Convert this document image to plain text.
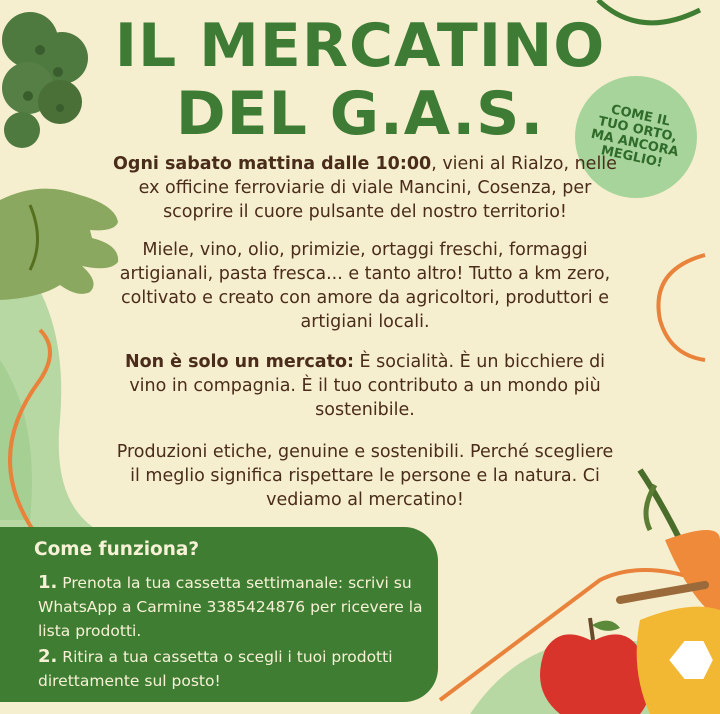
IL MERCATINO
DEL G.A.S.	COME IL
TUO ORTO,
MA ANCORA
MEGLIO!
Ogni sabato mattina dalle 10:00, vieni al Rialzo, nelle ex officine ferroviarie di viale Mancini, Cosenza, per scoprire il cuore pulsante del nostro territorio!
Miele, vino, olio, primizie, ortaggi freschi, formaggi artigianali, pasta fresca... e tanto altro! Tutto a km zero, coltivato e creato con amore da agricoltori, produttori e artigiani locali.
Non è solo un mercato: È socialità. È un bicchiere di vino in compagnia. È il tuo contributo a un mondo più sostenibile.
Produzioni etiche, genuine e sostenibili. Perché scegliere il meglio significa rispettare le persone e la natura. Ci vediamo al mercatino!
Come funziona?
1. Prenota la tua cassetta settimanale: scrivi su WhatsApp a Carmine 3385424876 per ricevere la lista prodotti.
2. Ritira a tua cassetta o scegli i tuoi prodotti direttamente sul posto!
